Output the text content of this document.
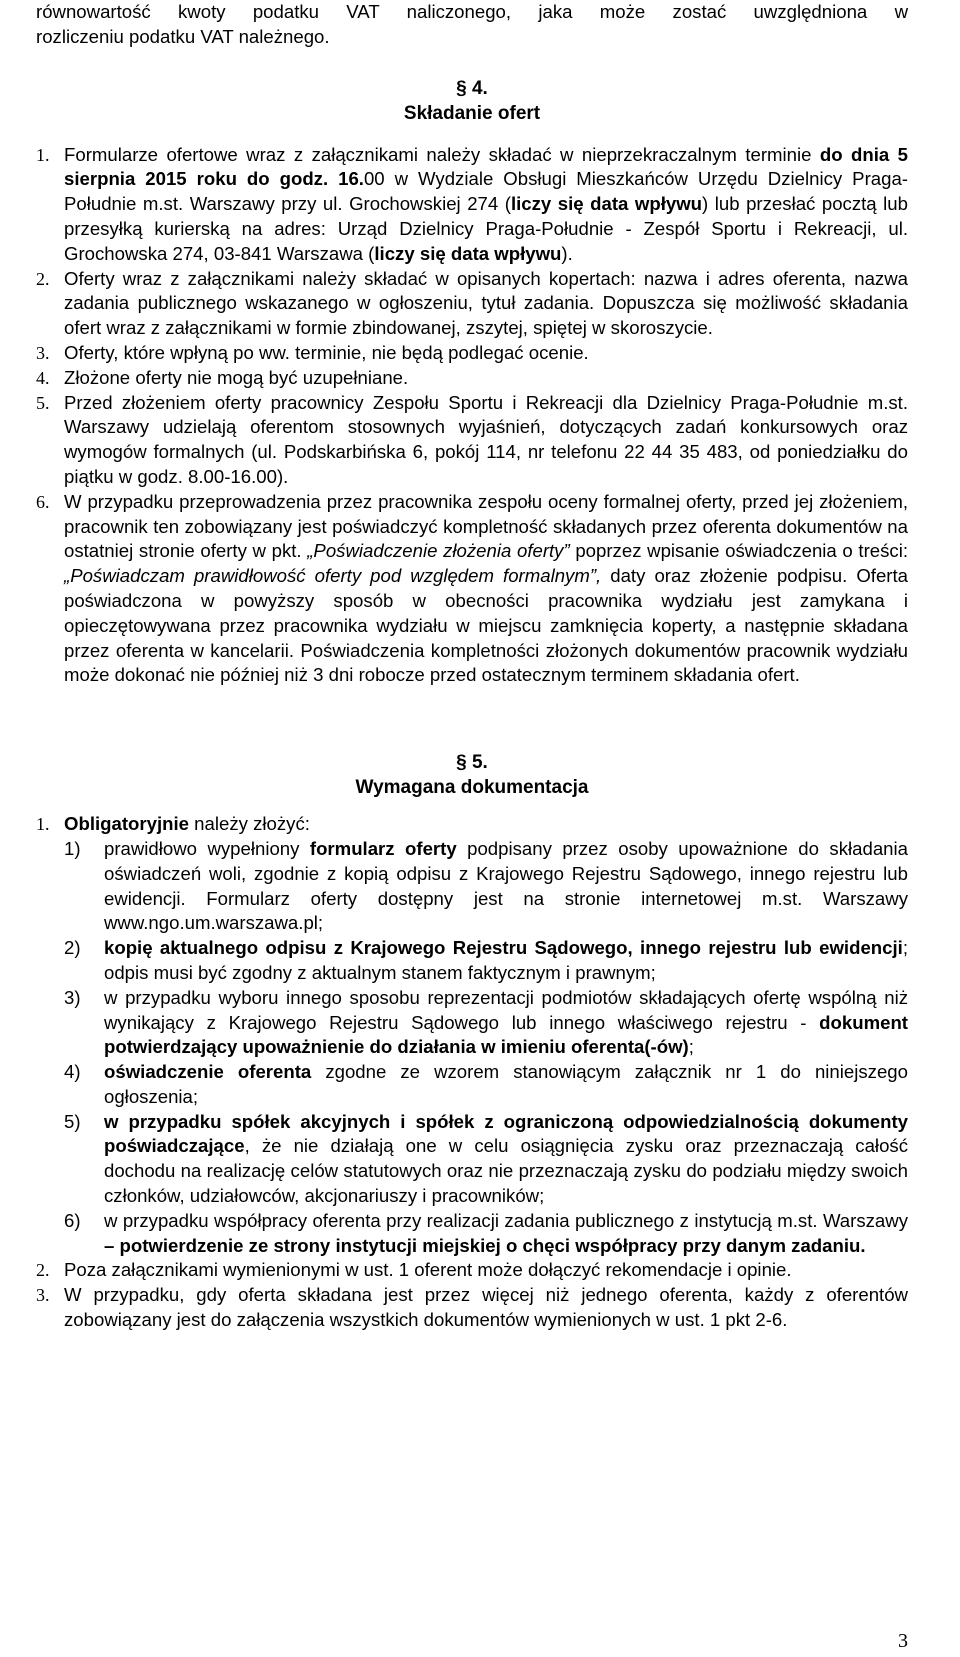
równowartość kwoty podatku VAT naliczonego, jaka może zostać uwzględniona w

rozliczeniu podatku VAT należnego.

§ 4.

Składanie ofert

1. Formularze ofertowe wraz z załącznikami należy składać w nieprzekraczalnym terminie do dnia 5 sierpnia 2015 roku do godz. 16.00 w Wydziale Obsługi Mieszkańców Urzędu Dzielnicy Praga-Południe m.st. Warszawy przy ul. Grochowskiej 274 (liczy się data wpływu) lub przesłać pocztą lub przesyłką kurierską na adres: Urząd Dzielnicy Praga-Południe - Zespół Sportu i Rekreacji, ul. Grochowska 274, 03-841 Warszawa (liczy się data wpływu).
2. Oferty wraz z załącznikami należy składać w opisanych kopertach: nazwa i adres oferenta, nazwa zadania publicznego wskazanego w ogłoszeniu, tytuł zadania. Dopuszcza się możliwość składania ofert wraz z załącznikami w formie zbindowanej, zszytej, spiętej w skoroszycie.
3. Oferty, które wpłyną po ww. terminie, nie będą podlegać ocenie.
4. Złożone oferty nie mogą być uzupełniane.
5. Przed złożeniem oferty pracownicy Zespołu Sportu i Rekreacji dla Dzielnicy Praga-Południe m.st. Warszawy udzielają oferentom stosownych wyjaśnień, dotyczących zadań konkursowych oraz wymogów formalnych (ul. Podskarbińska 6, pokój 114, nr telefonu 22 44 35 483, od poniedziałku do piątku w godz. 8.00-16.00).
6. W przypadku przeprowadzenia przez pracownika zespołu oceny formalnej oferty, przed jej złożeniem, pracownik ten zobowiązany jest poświadczyć kompletność składanych przez oferenta dokumentów na ostatniej stronie oferty w pkt. „Poświadczenie złożenia oferty” poprzez wpisanie oświadczenia o treści: „Poświadczam prawidłowość oferty pod względem formalnym”, daty oraz złożenie podpisu. Oferta poświadczona w powyższy sposób w obecności pracownika wydziału jest zamykana i opieczętowywana przez pracownika wydziału w miejscu zamknięcia koperty, a następnie składana przez oferenta w kancelarii. Poświadczenia kompletności złożonych dokumentów pracownik wydziału może dokonać nie później niż 3 dni robocze przed ostatecznym terminem składania ofert.

§ 5.

Wymagana dokumentacja

1. Obligatoryjnie należy złożyć:
1)	prawidłowo wypełniony formularz oferty podpisany przez osoby upoważnione do składania oświadczeń woli, zgodnie z kopią odpisu z Krajowego Rejestru Sądowego, innego rejestru lub ewidencji. Formularz oferty dostępny jest na stronie internetowej m.st. Warszawy www.ngo.um.warszawa.pl;
2)	kopię aktualnego odpisu z Krajowego Rejestru Sądowego, innego rejestru lub ewidencji; odpis musi być zgodny z aktualnym stanem faktycznym i prawnym;
3)	w przypadku wyboru innego sposobu reprezentacji podmiotów składających ofertę wspólną niż wynikający z Krajowego Rejestru Sądowego lub innego właściwego rejestru - dokument potwierdzający upoważnienie do działania w imieniu oferenta(-ów);
4)	oświadczenie oferenta zgodne ze wzorem stanowiącym załącznik nr 1 do niniejszego ogłoszenia;
5)	w przypadku spółek akcyjnych i spółek z ograniczoną odpowiedzialnością dokumenty poświadczające, że nie działają one w celu osiągnięcia zysku oraz przeznaczają całość dochodu na realizację celów statutowych oraz nie przeznaczają zysku do podziału między swoich członków, udziałowców, akcjonariuszy i pracowników;
6)	w przypadku współpracy oferenta przy realizacji zadania publicznego z instytucją m.st. Warszawy – potwierdzenie ze strony instytucji miejskiej o chęci współpracy przy danym zadaniu.
2. Poza załącznikami wymienionymi w ust. 1 oferent może dołączyć rekomendacje i opinie.
3. W przypadku, gdy oferta składana jest przez więcej niż jednego oferenta, każdy z oferentów zobowiązany jest do załączenia wszystkich dokumentów wymienionych w ust. 1 pkt 2-6.
3
